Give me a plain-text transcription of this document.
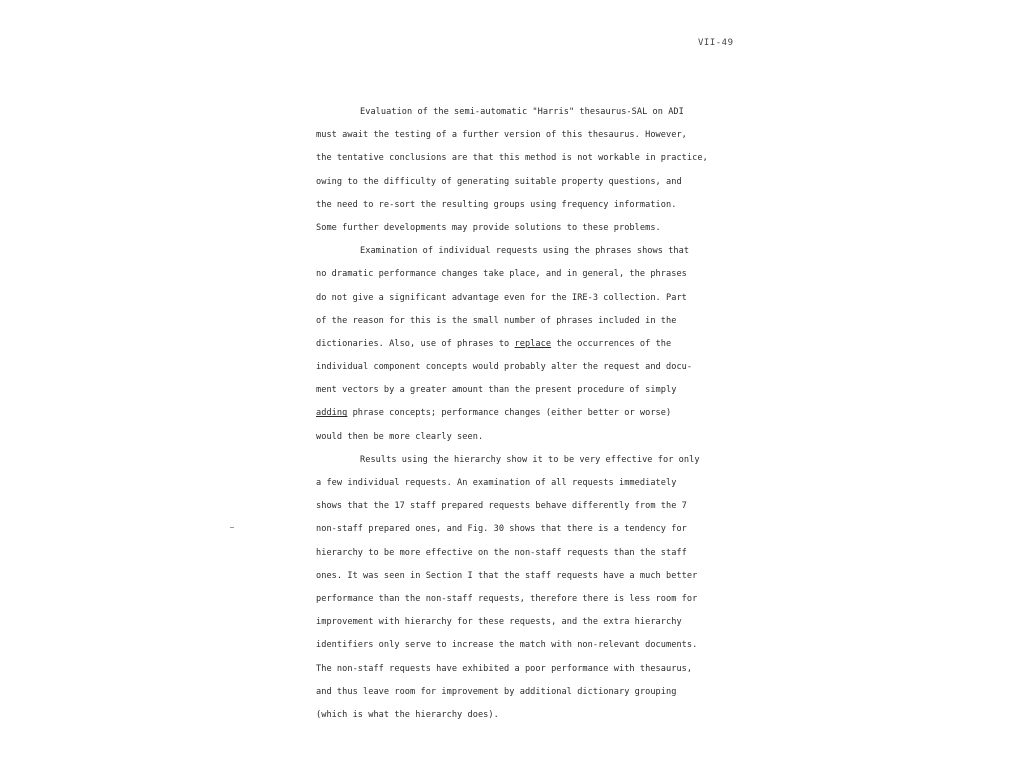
VII-49

Evaluation of the semi-automatic "Harris" thesaurus-SAL on ADI
must await the testing of a further version of this thesaurus. However,
the tentative conclusions are that this method is not workable in practice,
owing to the difficulty of generating suitable property questions, and
the need to re-sort the resulting groups using frequency information.
Some further developments may provide solutions to these problems.

Examination of individual requests using the phrases shows that
no dramatic performance changes take place, and in general, the phrases
do not give a significant advantage even for the IRE-3 collection. Part
of the reason for this is the small number of phrases included in the
dictionaries. Also, use of phrases to replace the occurrences of the
individual component concepts would probably alter the request and docu-
ment vectors by a greater amount than the present procedure of simply
adding phrase concepts; performance changes (either better or worse)
would then be more clearly seen.

Results using the hierarchy show it to be very effective for only
a few individual requests. An examination of all requests immediately
shows that the 17 staff prepared requests behave differently from the 7
non-staff prepared ones, and Fig. 30 shows that there is a tendency for
hierarchy to be more effective on the non-staff requests than the staff
ones. It was seen in Section I that the staff requests have a much better
performance than the non-staff requests, therefore there is less room for
improvement with hierarchy for these requests, and the extra hierarchy
identifiers only serve to increase the match with non-relevant documents.
The non-staff requests have exhibited a poor performance with thesaurus,
and thus leave room for improvement by additional dictionary grouping
(which is what the hierarchy does).
